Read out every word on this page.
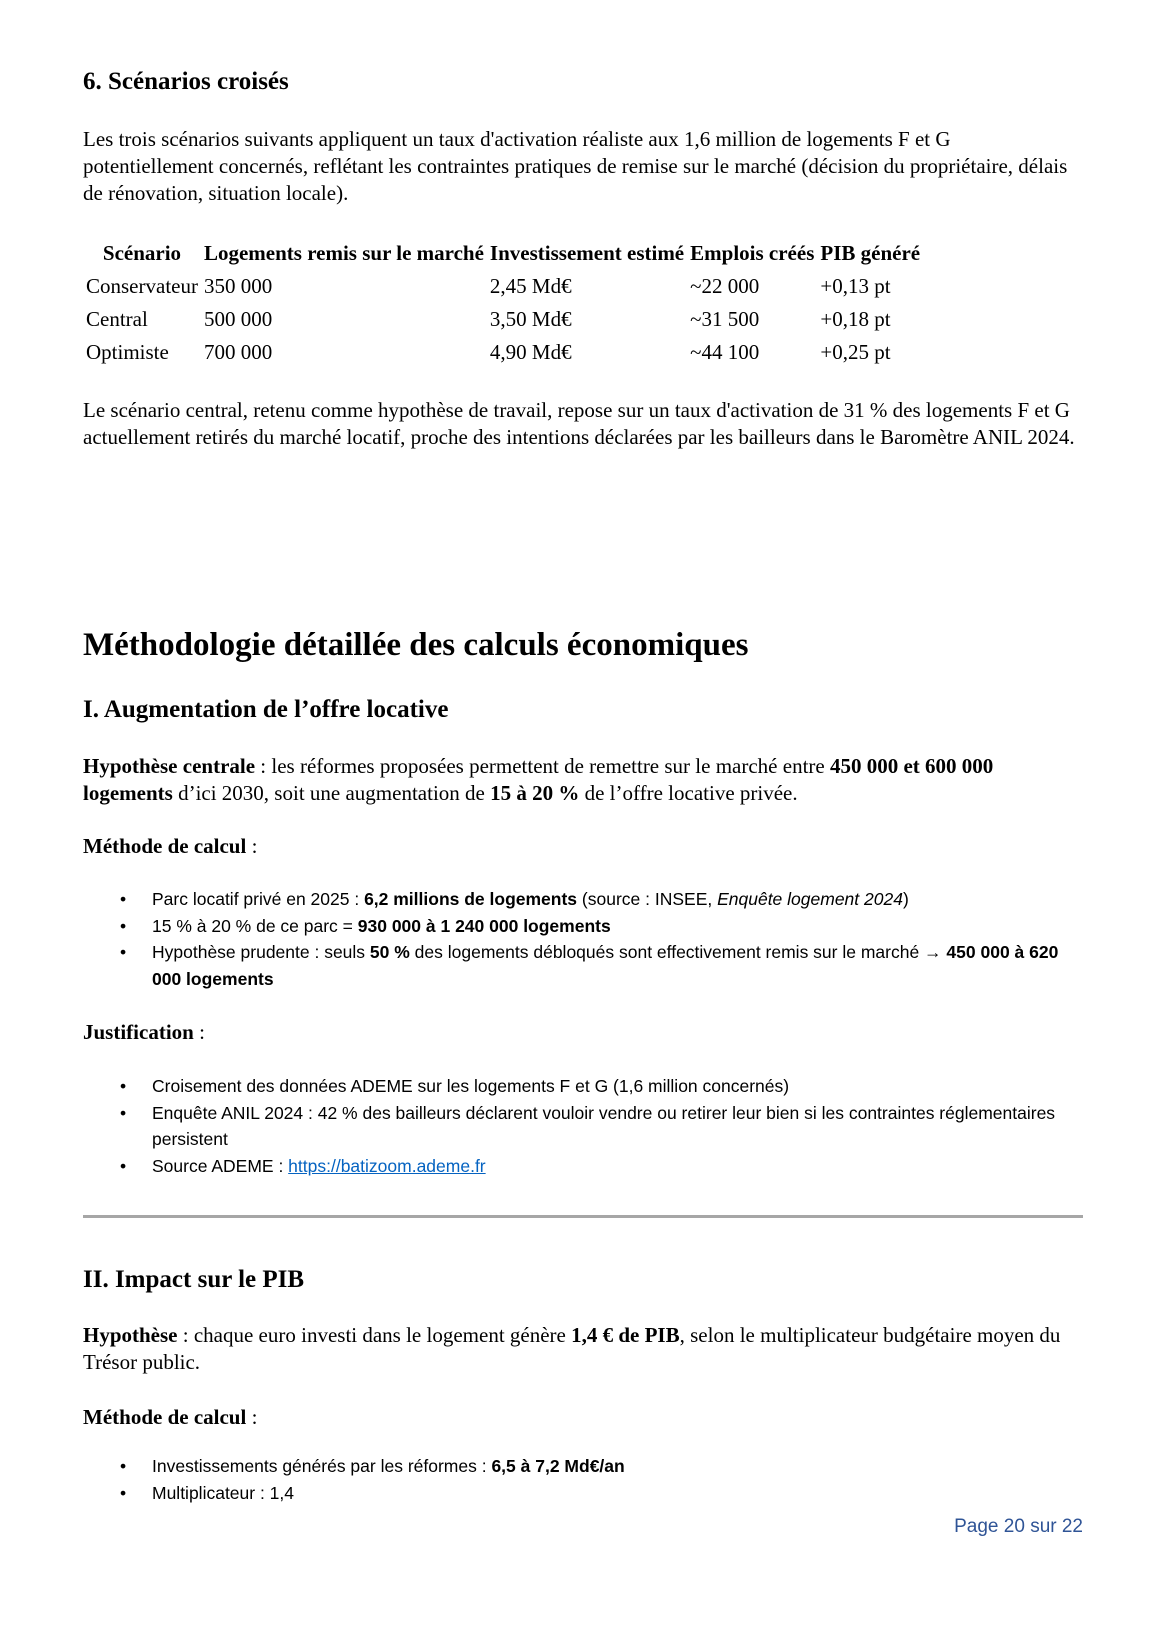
6. Scénarios croisés

Les trois scénarios suivants appliquent un taux d'activation réaliste aux 1,6 million de logements F et G potentiellement concernés, reflétant les contraintes pratiques de remise sur le marché (décision du propriétaire, délais de rénovation, situation locale).

Scénario	Logements remis sur le marché	Investissement estimé	Emplois créés	PIB généré
Conservateur	350 000	2,45 Md€	~22 000	+0,13 pt
Central	500 000	3,50 Md€	~31 500	+0,18 pt
Optimiste	700 000	4,90 Md€	~44 100	+0,25 pt

Le scénario central, retenu comme hypothèse de travail, repose sur un taux d'activation de 31 % des logements F et G actuellement retirés du marché locatif, proche des intentions déclarées par les bailleurs dans le Baromètre ANIL 2024.

Méthodologie détaillée des calculs économiques
I. Augmentation de l’offre locative

Hypothèse centrale : les réformes proposées permettent de remettre sur le marché entre 450 000 et 600 000 logements d’ici 2030, soit une augmentation de 15 à 20 % de l’offre locative privée.

Méthode de calcul :

• Parc locatif privé en 2025 : 6,2 millions de logements (source : INSEE, Enquête logement 2024)
• 15 % à 20 % de ce parc = 930 000 à 1 240 000 logements
• Hypothèse prudente : seuls 50 % des logements débloqués sont effectivement remis sur le marché → 450 000 à 620 000 logements

Justification :

• Croisement des données ADEME sur les logements F et G (1,6 million concernés)
• Enquête ANIL 2024 : 42 % des bailleurs déclarent vouloir vendre ou retirer leur bien si les contraintes réglementaires persistent
• Source ADEME : https://batizoom.ademe.fr
II. Impact sur le PIB

Hypothèse : chaque euro investi dans le logement génère 1,4 € de PIB, selon le multiplicateur budgétaire moyen du Trésor public.

Méthode de calcul :

• Investissements générés par les réformes : 6,5 à 7,2 Md€/an
• Multiplicateur : 1,4
Page 20 sur 22
